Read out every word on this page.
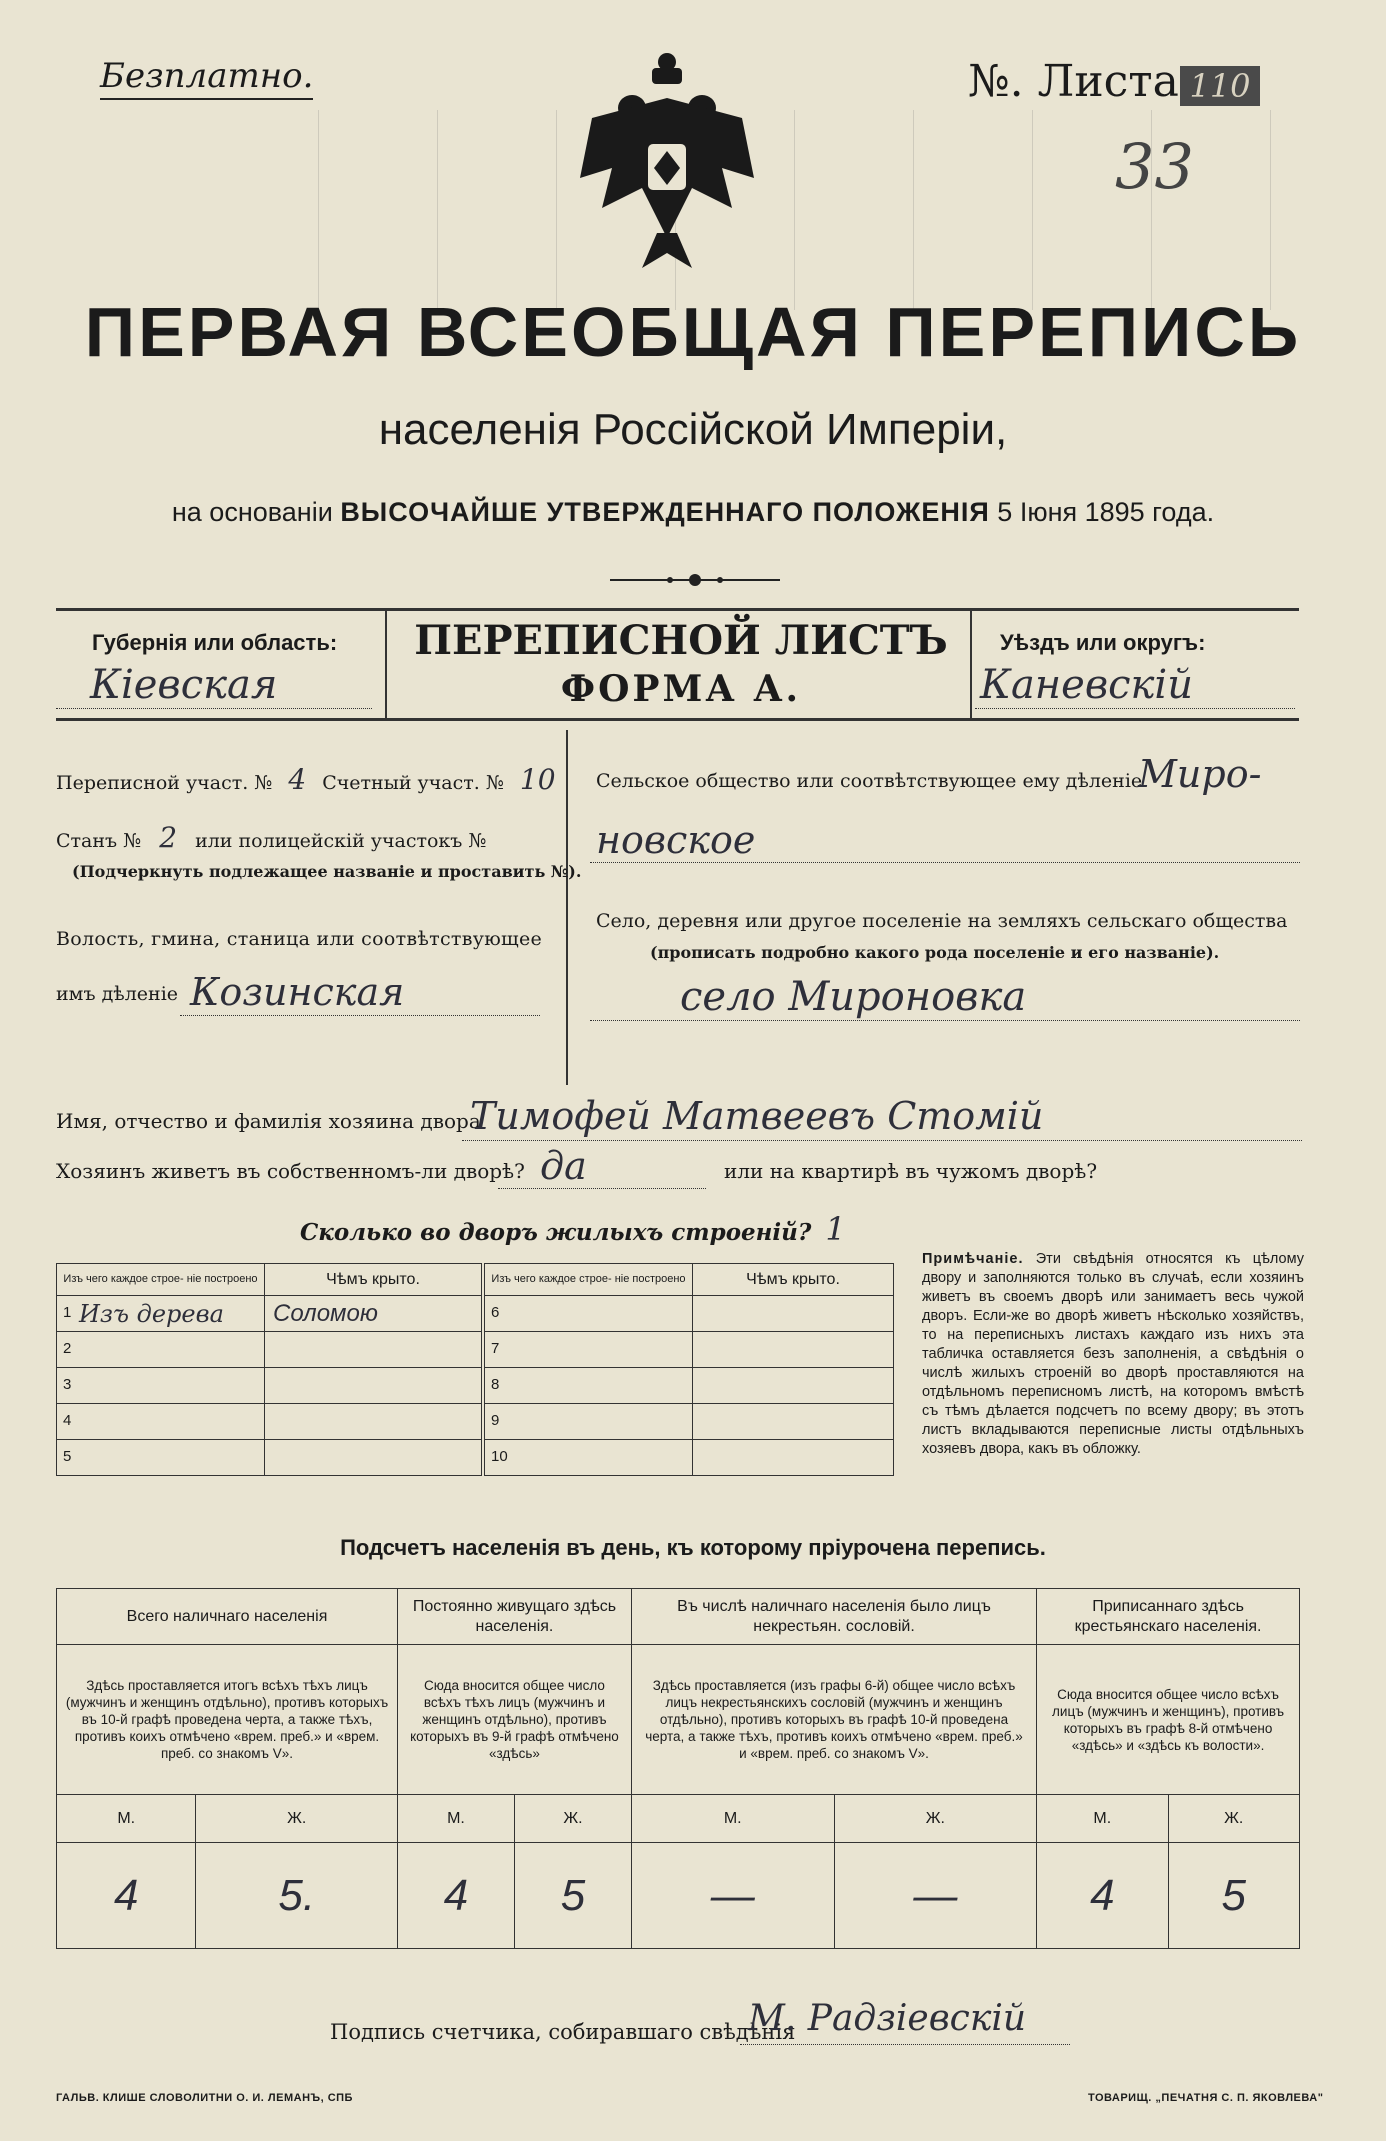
Безплатно.	№. Листа 110
33
ПЕРВАЯ ВСЕОБЩАЯ ПЕРЕПИСЬ
населенія Россійской Имперіи,
на основаніи ВЫСОЧАЙШЕ УТВЕРЖДЕННАГО ПОЛОЖЕНІЯ 5 Іюня 1895 года.
Губернія или область:
Кіевская
ПЕРЕПИСНОЙ ЛИСТЪ
ФОРМА А.
Уѣздъ или округъ:
Каневскій
Переписной участ. № 4 Счетный участ. № 10
Станъ № 2 или полицейскій участокъ №
(Подчеркнуть подлежащее названіе и проставить №).
Волость, гмина, станица или соотвѣтствующее
имъ дѣленіе Козинская
Сельское общество или соотвѣтствующее ему дѣленіе
Миро-
новское
Село, деревня или другое поселеніе на земляхъ сельскаго общества
(прописать подробно какого рода поселеніе и его названіе).
село Мироновка
Имя, отчество и фамилія хозяина двора
Тимофей Матвеевъ Стомій
Хозяинъ живетъ въ собственномъ-ли дворѣ? да	или на квартирѣ въ чужомъ дворѣ?
Сколько во дворъ жилыхъ строеній? 1
Изъ чего каждое строе- ніе построено	Чѣмъ крыто.

1 Изъ дерева	Соломою

2	

3	

4	

5	

Изъ чего каждое строе- ніе построено	Чѣмъ крыто.

6	

7	

8	

9	

10	

Примѣчаніе. Эти свѣдѣнія относятся къ цѣлому двору и заполняются только въ случаѣ, если хозяинъ живетъ въ своемъ дворѣ или занимаетъ весь чужой дворъ. Если-же во дворѣ живетъ нѣсколько хозяйствъ, то на переписныхъ листахъ каждаго изъ нихъ эта табличка оставляется безъ заполненія, а свѣдѣнія о числѣ жилыхъ строеній во дворѣ проставляются на отдѣльномъ переписномъ листѣ, на которомъ вмѣстѣ съ тѣмъ дѣлается подсчетъ по всему двору; въ этотъ листъ вкладываются переписные листы отдѣльныхъ хозяевъ двора, какъ въ обложку.
Подсчетъ населенія въ день, къ которому пріурочена перепись.
Всего наличнаго населенія		Постоянно живущаго здѣсь населенія.		Въ числѣ наличнаго населенія было лицъ некрестьян. сословій.		Приписаннаго здѣсь крестьянскаго населенія.	
Здѣсь проставляется итогъ всѣхъ тѣхъ лицъ (мужчинъ и женщинъ отдѣльно), противъ которыхъ въ 10-й графѣ проведена черта, а также тѣхъ, противъ коихъ отмѣчено «врем. преб.» и «врем. преб. со знакомъ V».		Сюда вносится общее число всѣхъ тѣхъ лицъ (мужчинъ и женщинъ отдѣльно), противъ которыхъ въ 9-й графѣ отмѣчено «здѣсь»		Здѣсь проставляется (изъ графы 6-й) общее число всѣхъ лицъ некрестьянскихъ сословій (мужчинъ и женщинъ отдѣльно), противъ которыхъ въ графѣ 10-й проведена черта, а также тѣхъ, противъ коихъ отмѣчено «врем. преб.» и «врем. преб. со знакомъ V».		Сюда вносится общее число всѣхъ лицъ (мужчинъ и женщинъ), противъ которыхъ въ графѣ 8-й отмѣчено «здѣсь» и «здѣсь къ волости».	
М.	Ж.	М.	Ж.	М.	Ж.	М.	Ж.
4	5.	4	5	—	—	4	5
Подпись счетчика, собиравшаго свѣдѣнія
М. Радзіевскій
ГАЛЬВ. КЛИШЕ СЛОВОЛИТНИ О. И. ЛЕМАНЪ, СПБ	ТОВАРИЩ. „ПЕЧАТНЯ С. П. ЯКОВЛЕВА"
